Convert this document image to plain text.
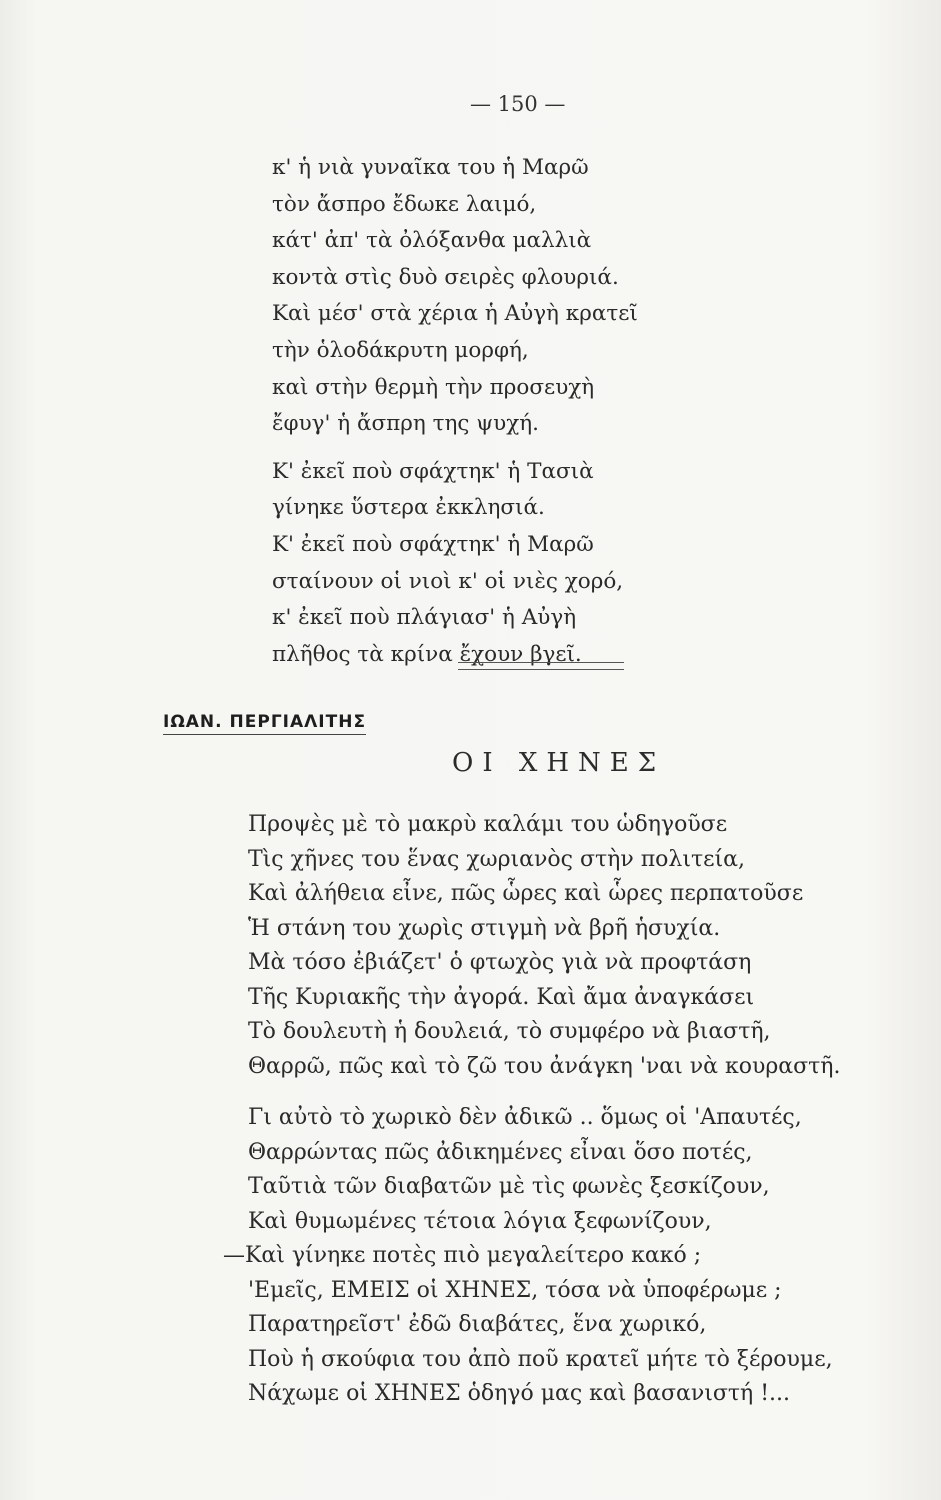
— 150 —
κ' ἡ νιὰ γυναῖκα του ἡ Μαρῶ
τὸν ἄσπρο ἔδωκε λαιμό,
κάτ' ἀπ' τὰ ὀλόξανθα μαλλιὰ
κοντὰ στὶς δυὸ σειρὲς φλουριά.
Καὶ μέσ' στὰ χέρια ἡ Αὐγὴ κρατεῖ
τὴν ὁλοδάκρυτη μορφή,
καὶ στὴν θερμὴ τὴν προσευχὴ
ἔφυγ' ἡ ἄσπρη της ψυχή.
Κ' ἐκεῖ ποὺ σφάχτηκ' ἡ Τασιὰ
γίνηκε ὕστερα ἐκκλησιά.
Κ' ἐκεῖ ποὺ σφάχτηκ' ἡ Μαρῶ
σταίνουν οἱ νιοὶ κ' οἱ νιὲς χορό,
κ' ἐκεῖ ποὺ πλάγιασ' ἡ Αὐγὴ
πλῆθος τὰ κρίνα ἔχουν βγεῖ.
ΙΩΑΝ. ΠΕΡΓΙΑΛΙΤΗΣ
ΟΙ ΧΗΝΕΣ
Προψὲς μὲ τὸ μακρὺ καλάμι του ὡδηγοῦσε
Τὶς χῆνες του ἕνας χωριανὸς στὴν πολιτεία,
Καὶ ἀλήθεια εἶνε, πῶς ὧρες καὶ ὧρες περπατοῦσε
Ἡ στάνη του χωρὶς στιγμὴ νὰ βρῆ ἡσυχία.
Μὰ τόσο ἐβιάζετ' ὁ φτωχὸς γιὰ νὰ προφτάση
Τῆς Κυριακῆς τὴν ἀγορά. Καὶ ἄμα ἀναγκάσει
Τὸ δουλευτὴ ἡ δουλειά, τὸ συμφέρο νὰ βιαστῆ,
Θαρρῶ, πῶς καὶ τὸ ζῶ του ἀνάγκη 'ναι νὰ κουραστῆ.
Γι αὐτὸ τὸ χωρικὸ δὲν ἀδικῶ .. ὅμως οἱ 'Απαυτές,
Θαρρώντας πῶς ἀδικημένες εἶναι ὅσο ποτές,
Ταῦτιὰ τῶν διαβατῶν μὲ τὶς φωνὲς ξεσκίζουν,
Καὶ θυμωμένες τέτοια λόγια ξεφωνίζουν,
—Καὶ γίνηκε ποτὲς πιὸ μεγαλείτερο κακό ;
'Εμεῖς, ΕΜΕΙΣ οἱ ΧΗΝΕΣ, τόσα νὰ ὑποφέρωμε ;
Παρατηρεῖστ' ἐδῶ διαβάτες, ἕνα χωρικό,
Ποὺ ἡ σκούφια του ἀπὸ ποῦ κρατεῖ μήτε τὸ ξέρουμε,
Νάχωμε οἱ ΧΗΝΕΣ ὁδηγό μας καὶ βασανιστή !...
